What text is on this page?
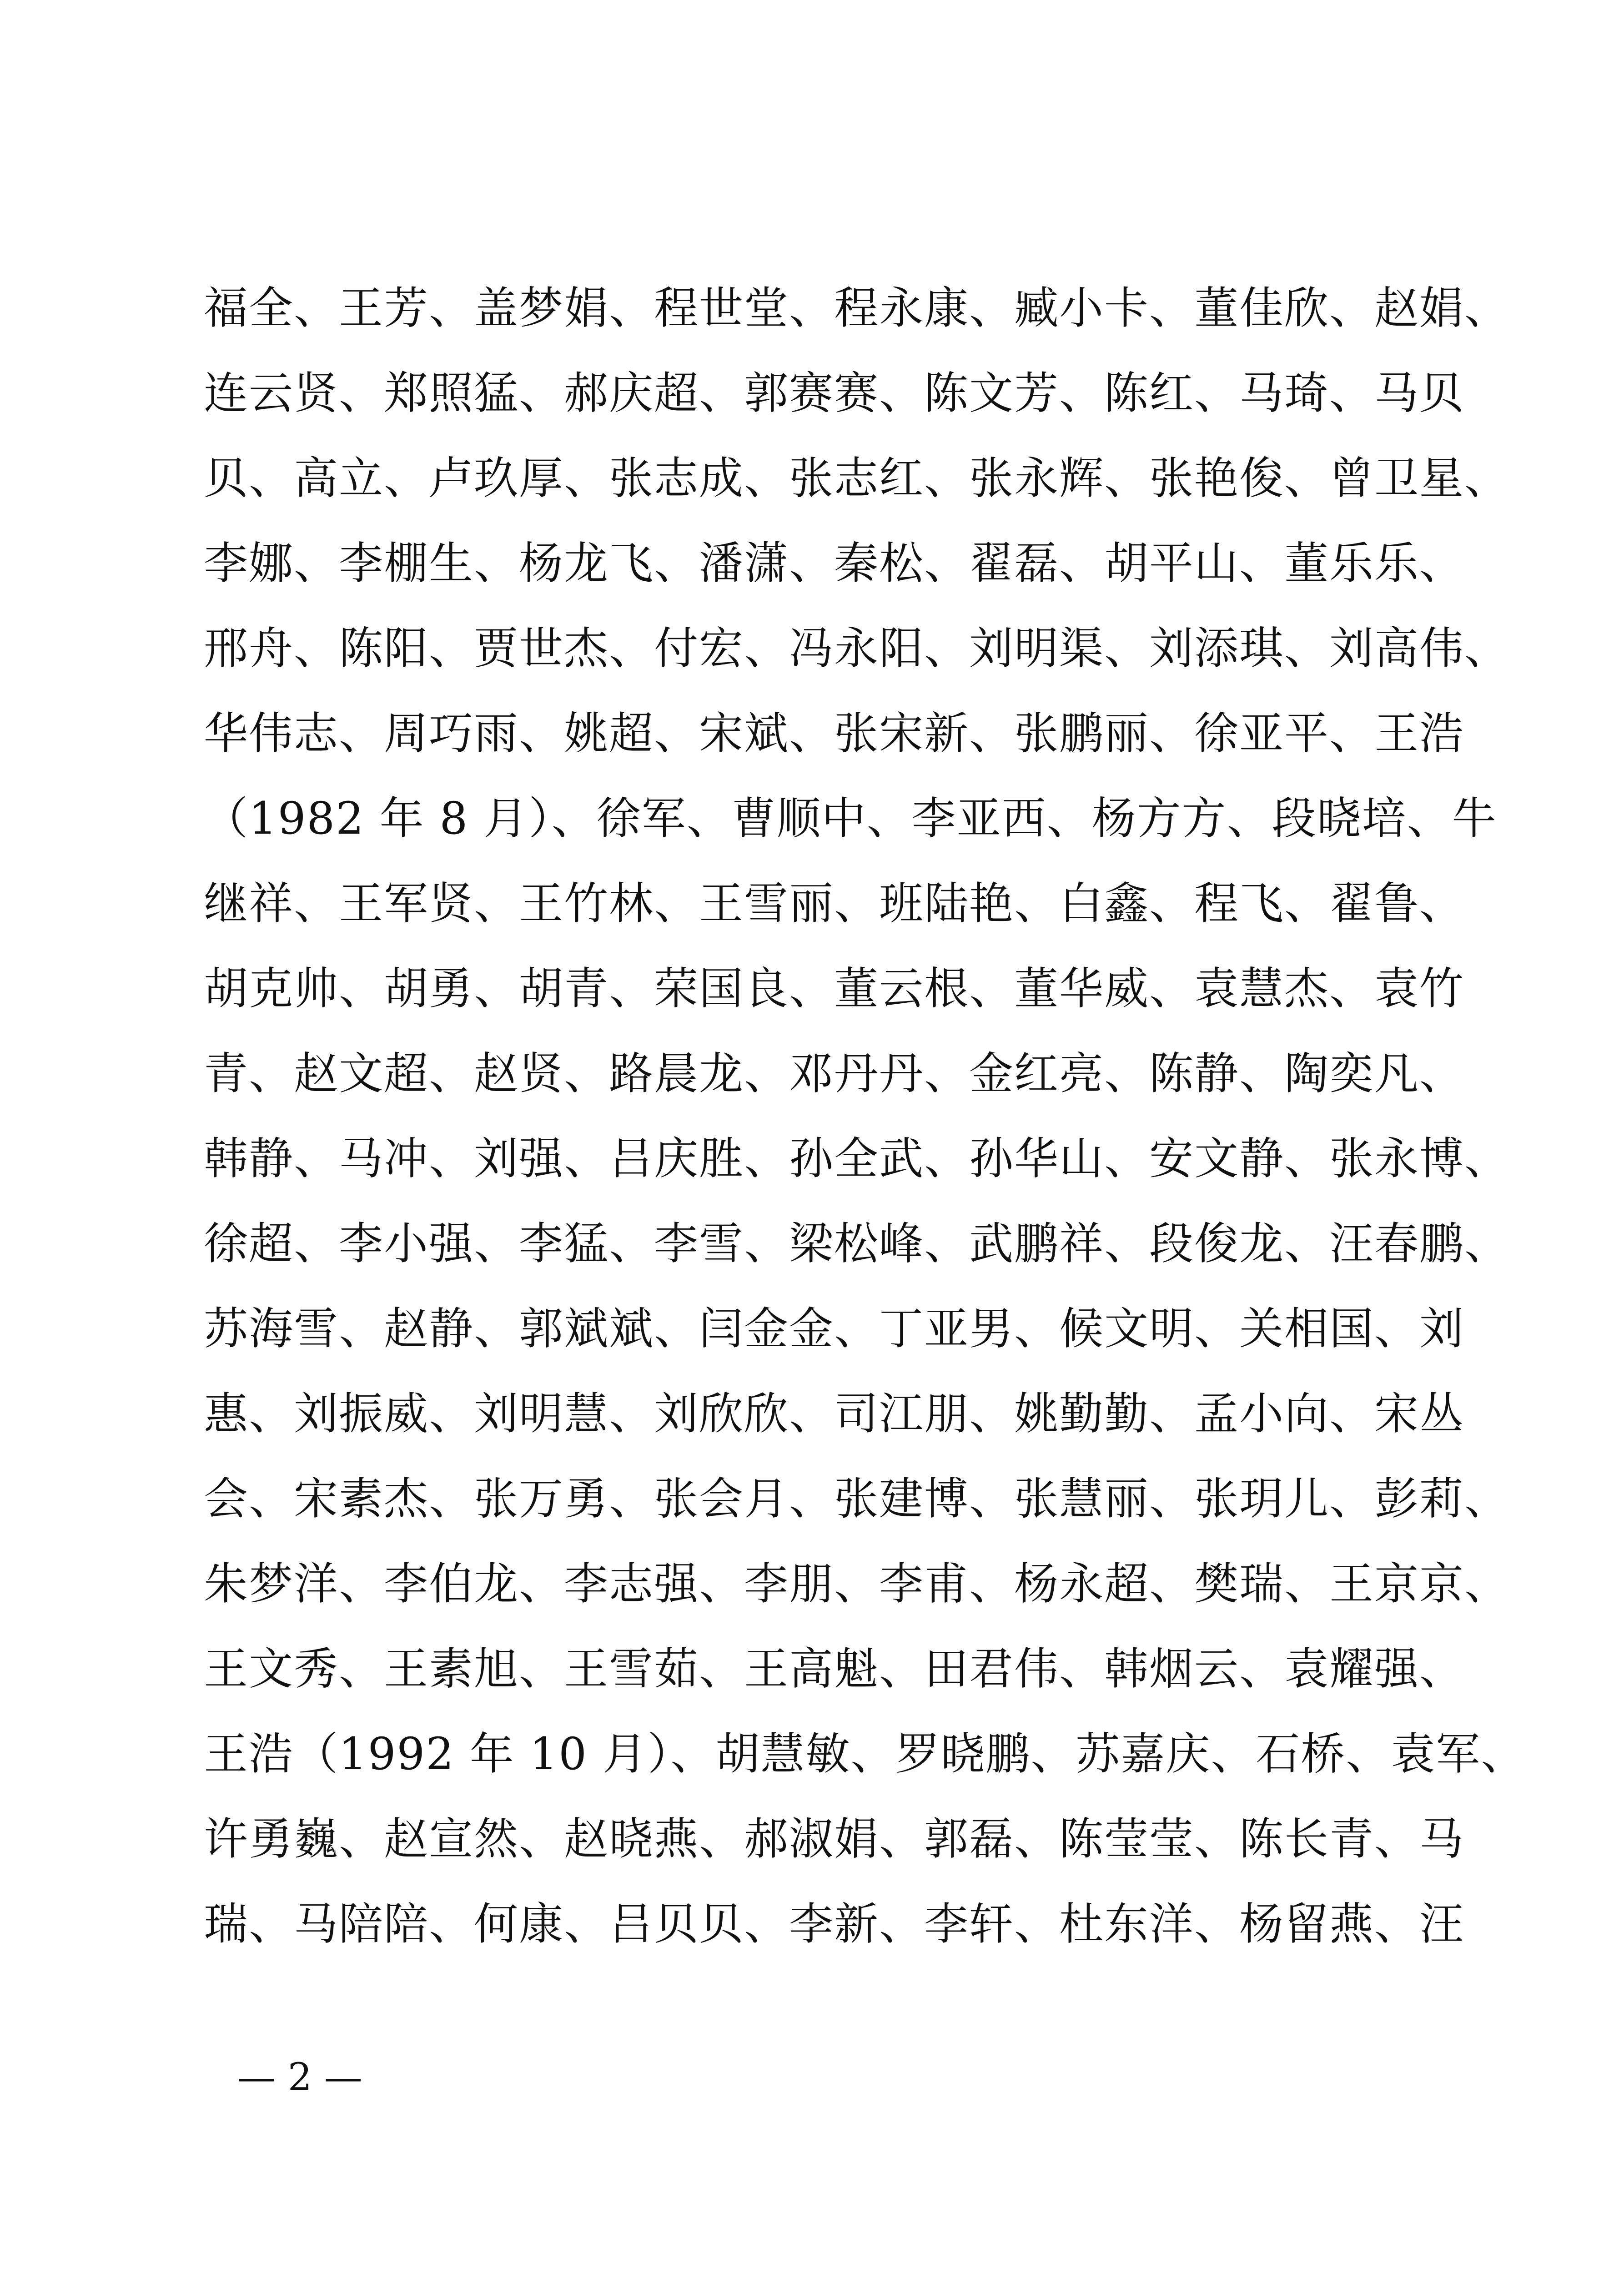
福全、王芳、盖梦娟、程世堂、程永康、臧小卡、董佳欣、赵娟、
连云贤、郑照猛、郝庆超、郭赛赛、陈文芳、陈红、马琦、马贝
贝、高立、卢玖厚、张志成、张志红、张永辉、张艳俊、曾卫星、
李娜、李棚生、杨龙飞、潘潇、秦松、翟磊、胡平山、董乐乐、
邢舟、陈阳、贾世杰、付宏、冯永阳、刘明渠、刘添琪、刘高伟、
华伟志、周巧雨、姚超、宋斌、张宋新、张鹏丽、徐亚平、王浩
（1982 年 8 月）、徐军、曹顺中、李亚西、杨方方、段晓培、牛
继祥、王军贤、王竹林、王雪丽、班陆艳、白鑫、程飞、翟鲁、
胡克帅、胡勇、胡青、荣国良、董云根、董华威、袁慧杰、袁竹
青、赵文超、赵贤、路晨龙、邓丹丹、金红亮、陈静、陶奕凡、
韩静、马冲、刘强、吕庆胜、孙全武、孙华山、安文静、张永博、
徐超、李小强、李猛、李雪、梁松峰、武鹏祥、段俊龙、汪春鹏、
苏海雪、赵静、郭斌斌、闫金金、丁亚男、候文明、关相国、刘
惠、刘振威、刘明慧、刘欣欣、司江朋、姚勤勤、孟小向、宋丛
会、宋素杰、张万勇、张会月、张建博、张慧丽、张玥儿、彭莉、
朱梦洋、李伯龙、李志强、李朋、李甫、杨永超、樊瑞、王京京、
王文秀、王素旭、王雪茹、王高魁、田君伟、韩烟云、袁耀强、
王浩（1992 年 10 月）、胡慧敏、罗晓鹏、苏嘉庆、石桥、袁军、
许勇巍、赵宣然、赵晓燕、郝淑娟、郭磊、陈莹莹、陈长青、马
瑞、马陪陪、何康、吕贝贝、李新、李轩、杜东洋、杨留燕、汪
— 2 —
